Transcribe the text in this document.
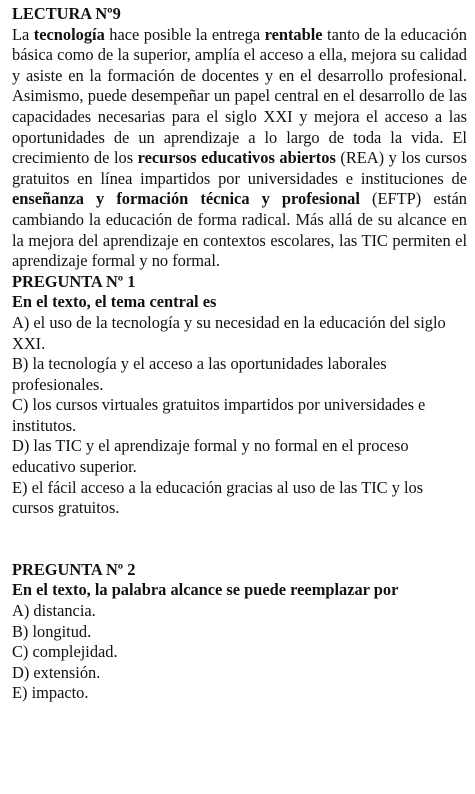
LECTURA Nº9

La tecnología hace posible la entrega rentable tanto de la educación básica como de la superior, amplía el acceso a ella, mejora su calidad y asiste en la formación de docentes y en el desarrollo profesional. Asimismo, puede desempeñar un papel central en el desarrollo de las capacidades necesarias para el siglo XXI y mejora el acceso a las oportunidades de un aprendizaje a lo largo de toda la vida. El crecimiento de los recursos educativos abiertos (REA) y los cursos gratuitos en línea impartidos por universidades e instituciones de enseñanza y formación técnica y profesional (EFTP) están cambiando la educación de forma radical. Más allá de su alcance en la mejora del aprendizaje en contextos escolares, las TIC permiten el aprendizaje formal y no formal.

PREGUNTA Nº 1

En el texto, el tema central es

A) el uso de la tecnología y su necesidad en la educación del siglo XXI.
B) la tecnología y el acceso a las oportunidades laborales profesionales.
C) los cursos virtuales gratuitos impartidos por universidades e institutos.
D) las TIC y el aprendizaje formal y no formal en el proceso educativo superior.
E) el fácil acceso a la educación gracias al uso de las TIC y los cursos gratuitos.
PREGUNTA Nº 2

En el texto, la palabra alcance se puede reemplazar por

A) distancia.
B) longitud.
C) complejidad.
D) extensión.
E) impacto.
